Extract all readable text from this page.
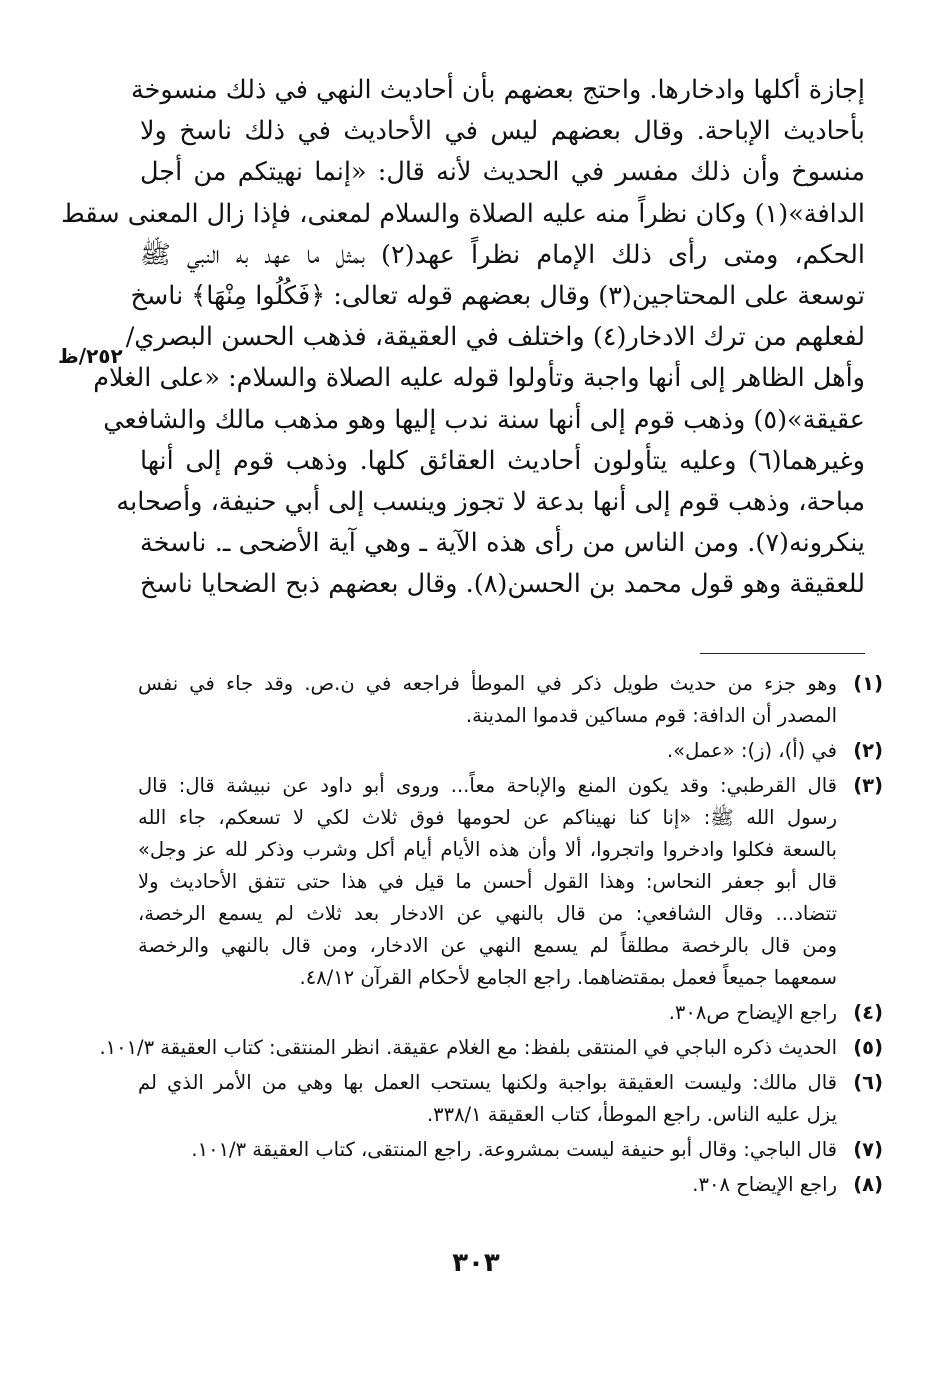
إجازة أكلها وادخارها. واحتج بعضهم بأن أحاديث النهي في ذلك منسوخة
بأحاديث الإباحة. وقال بعضهم ليس في الأحاديث في ذلك ناسخ ولا
منسوخ وأن ذلك مفسر في الحديث لأنه قال: «إنما نهيتكم من أجل
الدافة»(١) وكان نظراً منه عليه الصلاة والسلام لمعنى، فإذا زال المعنى سقط
الحكم، ومتى رأى ذلك الإمام نظراً عهد(٢) بمثل ما عهد به النبي ﷺ
توسعة على المحتاجين(٣) وقال بعضهم قوله تعالى: ﴿فَكُلُوا مِنْهَا﴾ ناسخ
لفعلهم من ترك الادخار(٤) واختلف في العقيقة، فذهب الحسن البصري/
وأهل الظاهر إلى أنها واجبة وتأولوا قوله عليه الصلاة والسلام: «على الغلام
عقيقة»(٥) وذهب قوم إلى أنها سنة ندب إليها وهو مذهب مالك والشافعي
وغيرهما(٦) وعليه يتأولون أحاديث العقائق كلها. وذهب قوم إلى أنها
مباحة، وذهب قوم إلى أنها بدعة لا تجوز وينسب إلى أبي حنيفة، وأصحابه
ينكرونه(٧). ومن الناس من رأى هذه الآية ـ وهي آية الأضحى ـ. ناسخة
للعقيقة وهو قول محمد بن الحسن(٨). وقال بعضهم ذبح الضحايا ناسخ
٢٥٢/ظ
(١)
وهو جزء من حديث طويل ذكر في الموطأ فراجعه في ن.ص. وقد جاء في نفس
المصدر أن الدافة: قوم مساكين قدموا المدينة.
(٢)
في (أ)، (ز): «عمل».
(٣)
قال القرطبي: وقد يكون المنع والإباحة معاً... وروى أبو داود عن نبيشة قال: قال
رسول الله ﷺ: «إنا كنا نهيناكم عن لحومها فوق ثلاث لكي لا تسعكم، جاء الله
بالسعة فكلوا وادخروا واتجروا، ألا وأن هذه الأيام أيام أكل وشرب وذكر لله عز وجل»
قال أبو جعفر النحاس: وهذا القول أحسن ما قيل في هذا حتى تتفق الأحاديث ولا
تتضاد... وقال الشافعي: من قال بالنهي عن الادخار بعد ثلاث لم يسمع الرخصة،
ومن قال بالرخصة مطلقاً لم يسمع النهي عن الادخار، ومن قال بالنهي والرخصة
سمعهما جميعاً فعمل بمقتضاهما. راجع الجامع لأحكام القرآن ٤٨/١٢.
(٤)
راجع الإيضاح ص٣٠٨.
(٥)
الحديث ذكره الباجي في المنتقى بلفظ: مع الغلام عقيقة. انظر المنتقى: كتاب العقيقة ١٠١/٣.
(٦)
قال مالك: وليست العقيقة بواجبة ولكنها يستحب العمل بها وهي من الأمر الذي لم
يزل عليه الناس. راجع الموطأ، كتاب العقيقة ٣٣٨/١.
(٧)
قال الباجي: وقال أبو حنيفة ليست بمشروعة. راجع المنتقى، كتاب العقيقة ١٠١/٣.
(٨)
راجع الإيضاح ٣٠٨.
٣٠٣
